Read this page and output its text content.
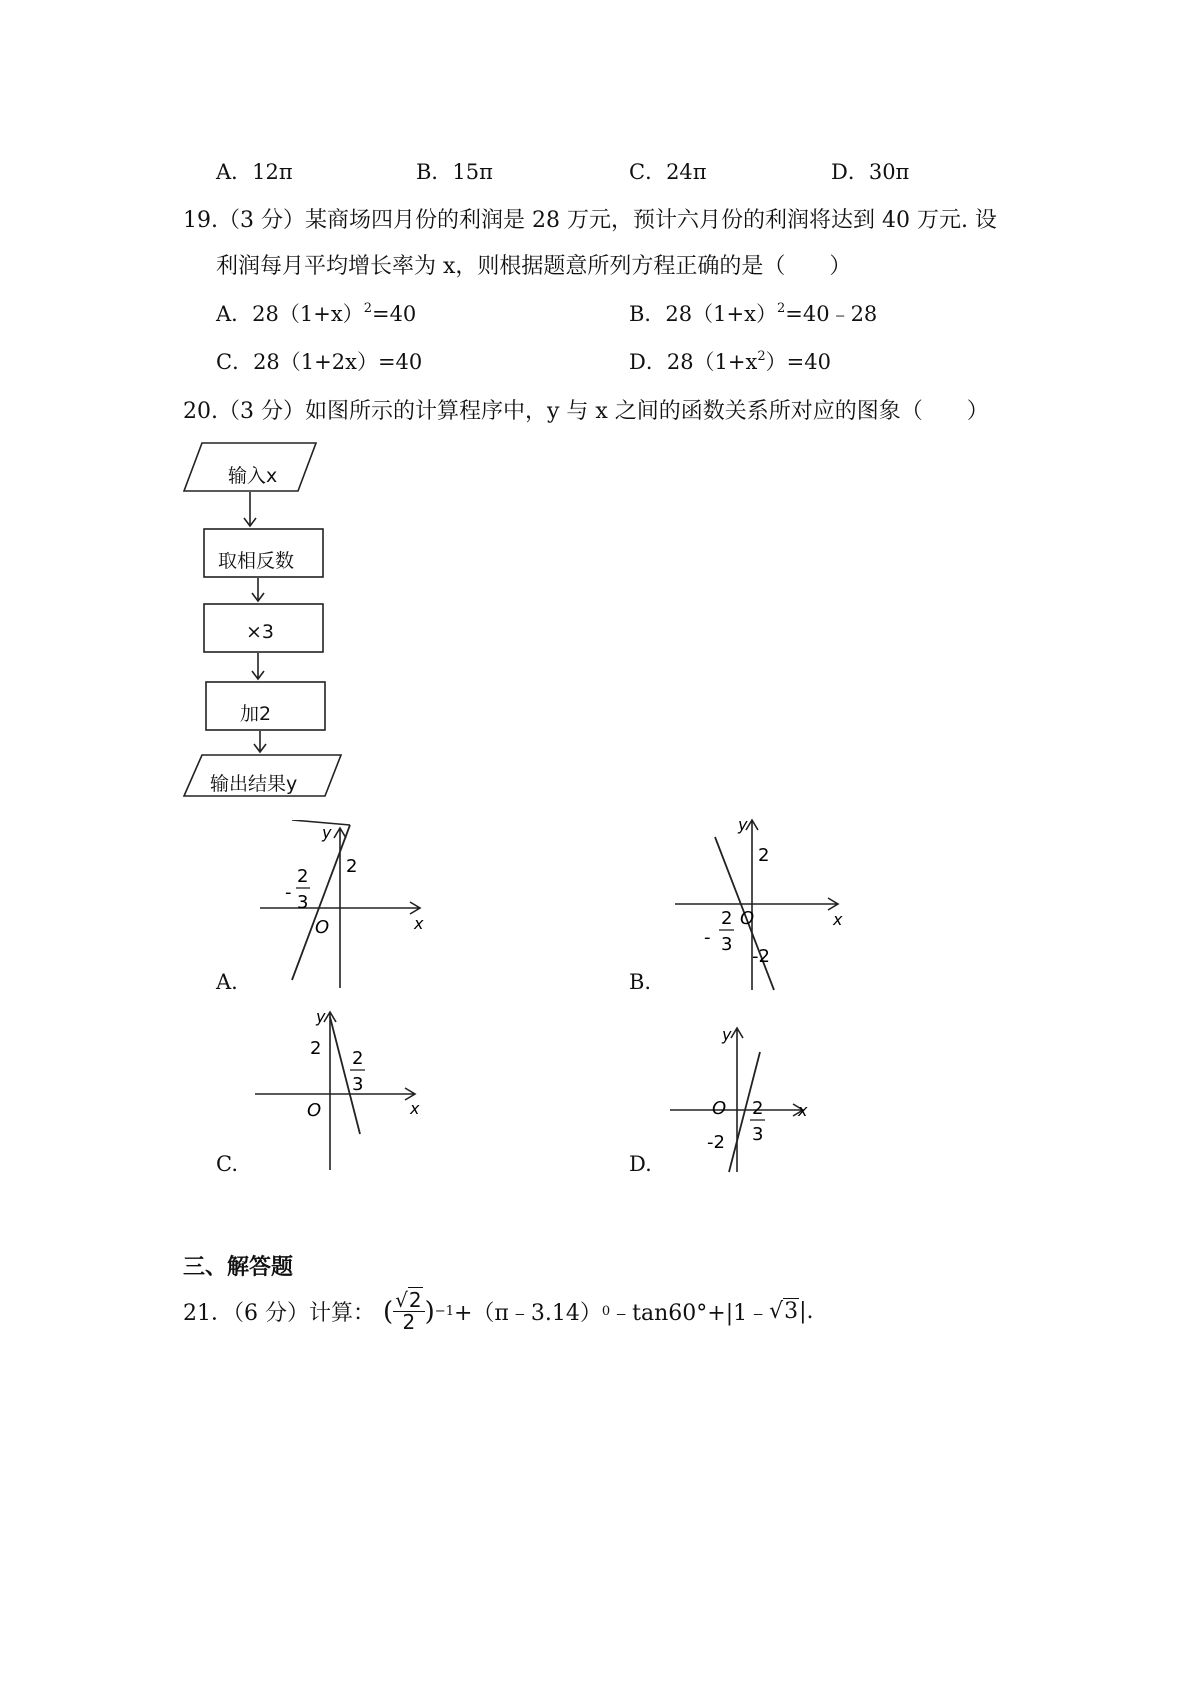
A．12π	B．15π	C．24π	D．30π
19.（3 分）某商场四月份的利润是 28 万元，预计六月份的利润将达到 40 万元. 设
利润每月平均增长率为 x，则根据题意所列方程正确的是（　　）
A．$28(1+x)^2=40$	B．$28(1+x)^2=40﹣28$
C．28（1+2x）=40	D．$28(1+x^2)=40$
20.（3 分）如图所示的计算程序中，y 与 x 之间的函数关系所对应的图象（　　）
输入x
取相反数
×3
加2
输出结果y
y
x
O
2
-
2
3
A.
y
x
O
2
-2
-
2
3
B.
y
x
O
2 2
3
C.
y
x
O
-2
2
3
D.
三、解答题
21．（6 分）计算： ( $\frac{√2}{2}$ ) −1 +（π﹣3.14） 0 ﹣tan60°+|1﹣ √3 |.
